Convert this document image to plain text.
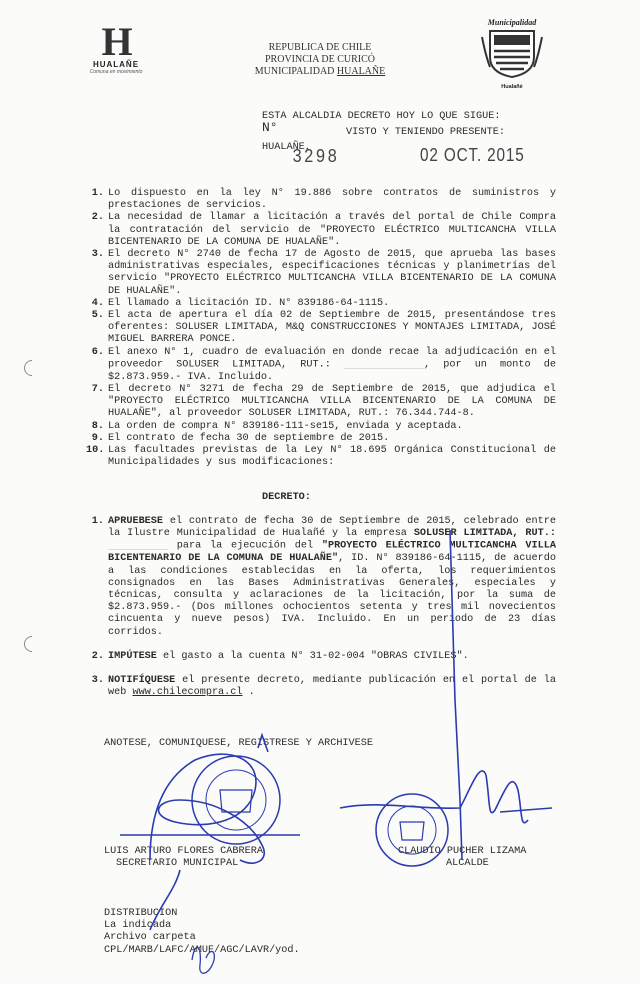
H
HUALAÑE
Comuna en movimiento
REPUBLICA DE CHILE
PROVINCIA DE CURICÓ
MUNICIPALIDAD HUALAÑE
Municipalidad
Hualañé
ESTA ALCALDIA DECRETO HOY LO QUE SIGUE:
N°	VISTO Y TENIENDO PRESENTE:
HUALAÑE,
3298	02 OCT. 2015
1. Lo dispuesto en la ley N° 19.886 sobre contratos de suministros y prestaciones de servicios.
2. La necesidad de llamar a licitación a través del portal de Chile Compra la contratación del servicio de "PROYECTO ELÉCTRICO MULTICANCHA VILLA BICENTENARIO DE LA COMUNA DE HUALAÑE".
3. El decreto N° 2740 de fecha 17 de Agosto de 2015, que aprueba las bases administrativas especiales, especificaciones técnicas y planimetrías del servicio "PROYECTO ELÉCTRICO MULTICANCHA VILLA BICENTENARIO DE LA COMUNA DE HUALAÑE".
4. El llamado a licitación ID. N° 839186-64-1115.
5. El acta de apertura el día 02 de Septiembre de 2015, presentándose tres oferentes: SOLUSER LIMITADA, M&Q CONSTRUCCIONES Y MONTAJES LIMITADA, JOSÉ MIGUEL BARRERA PONCE.
6. El anexo N° 1, cuadro de evaluación en donde recae la adjudicación en el proveedor SOLUSER LIMITADA, RUT.:	, por un monto de $2.873.959.- IVA. Incluido.
7. El decreto N° 3271 de fecha 29 de Septiembre de 2015, que adjudica el "PROYECTO ELÉCTRICO MULTICANCHA VILLA BICENTENARIO DE LA COMUNA DE HUALAÑE", al proveedor SOLUSER LIMITADA, RUT.: 76.344.744-8.
8. La orden de compra N° 839186-111-se15, enviada y aceptada.
9. El contrato de fecha 30 de septiembre de 2015.
10. Las facultades previstas de la Ley N° 18.695 Orgánica Constitucional de Municipalidades y sus modificaciones:
DECRETO:
1. APRUEBESE el contrato de fecha 30 de Septiembre de 2015, celebrado entre la Ilustre Municipalidad de Hualañé y la empresa SOLUSER LIMITADA, RUT.:  para la ejecución del "PROYECTO ELÉCTRICO MULTICANCHA VILLA BICENTENARIO DE LA COMUNA DE HUALAÑE", ID. N° 839186-64-1115, de acuerdo a las condiciones establecidas en la oferta, los requerimientos consignados en las Bases Administrativas Generales, especiales y técnicas, consulta y aclaraciones de la licitación, por la suma de $2.873.959.- (Dos millones ochocientos setenta y tres mil novecientos cincuenta y nueve pesos) IVA. Incluido. En un periodo de 23 días corridos.
2. IMPÚTESE el gasto a la cuenta N° 31-02-004 "OBRAS CIVILES".
3. NOTIFÍQUESE el presente decreto, mediante publicación en el portal de la web www.chilecompra.cl .
ANOTESE, COMUNIQUESE, REGISTRESE Y ARCHIVESE
LUIS ARTURO FLORES CABRERA
SECRETARIO MUNICIPAL
CLAUDIO PUCHER LIZAMA
ALCALDE
DISTRIBUCION
La indicada
Archivo carpeta
CPL/MARB/LAFC/AMUF/AGC/LAVR/yod.
